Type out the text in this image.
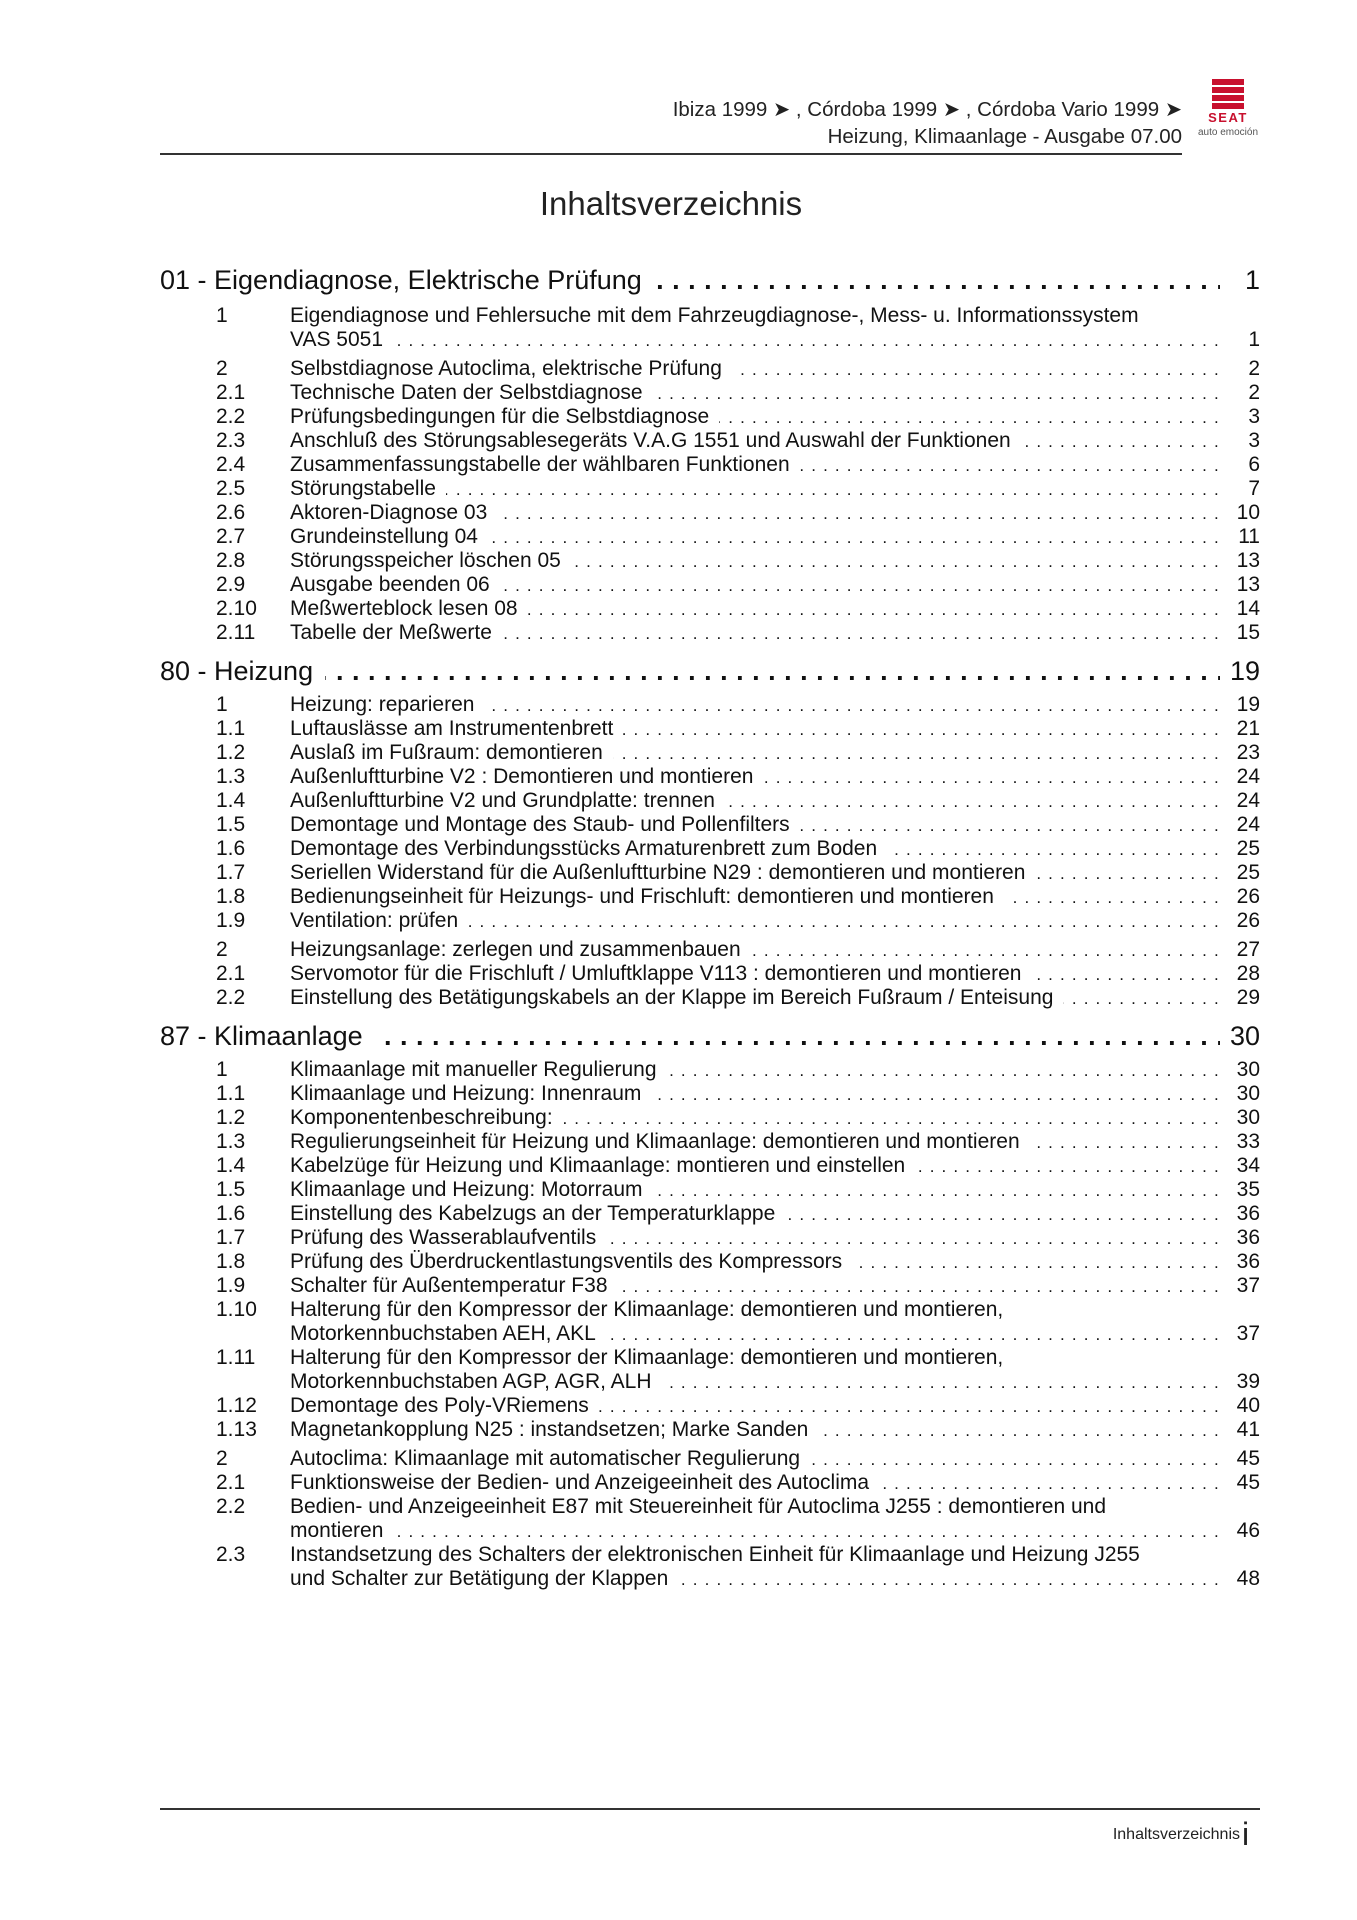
Ibiza 1999 ➤ , Córdoba 1999 ➤ , Córdoba Vario 1999 ➤
Heizung, Klimaanlage - Ausgabe 07.00
SEAT
auto emoción
Inhaltsverzeichnis
. . .
01 - Eigendiagnose, Elektrische Prüfung	1
1	Eigendiagnose und Fehlersuche mit dem Fahrzeugdiagnose-, Mess- u. Informationssystem
VAS 5051 . . .	1
2	Selbstdiagnose Autoclima, elektrische Prüfung . . .	2
2.1 Technische Daten der Selbstdiagnose . . .	2
2.2 Prüfungsbedingungen für die Selbstdiagnose . . .	3
2.3 Anschluß des Störungsablesegeräts V.A.G 1551 und Auswahl der Funktionen . . .	3
2.4 Zusammenfassungstabelle der wählbaren Funktionen . . .	6
2.5 Störungstabelle . . .	7
2.6 Aktoren-Diagnose 03 . . .	10
2.7 Grundeinstellung 04 . . .	11
2.8 Störungsspeicher löschen 05 . . .	13
2.9 Ausgabe beenden 06 . . .	13
2.10 Meßwerteblock lesen 08 . . .	14
2.11 Tabelle der Meßwerte . . .	15
. . .
80 - Heizung	19
1	Heizung: reparieren . . .	19
1.1 Luftauslässe am Instrumentenbrett . . .	21
1.2 Auslaß im Fußraum: demontieren . . .	23
1.3 Außenluftturbine V2 : Demontieren und montieren . . .	24
1.4 Außenluftturbine V2 und Grundplatte: trennen . . .	24
1.5 Demontage und Montage des Staub- und Pollenfilters . . .	24
1.6 Demontage des Verbindungsstücks Armaturenbrett zum Boden . . .	25
1.7 Seriellen Widerstand für die Außenluftturbine N29 : demontieren und montieren . . .	25
1.8 Bedienungseinheit für Heizungs- und Frischluft: demontieren und montieren . . .	26
1.9 Ventilation: prüfen . . .	26
2	Heizungsanlage: zerlegen und zusammenbauen . . .	27
2.1 Servomotor für die Frischluft / Umluftklappe V113 : demontieren und montieren . . .	28
2.2 Einstellung des Betätigungskabels an der Klappe im Bereich Fußraum / Enteisung . . .	29
. . .
87 - Klimaanlage	30
1	Klimaanlage mit manueller Regulierung . . .	30
1.1 Klimaanlage und Heizung: Innenraum . . .	30
1.2 Komponentenbeschreibung: . . .	30
1.3 Regulierungseinheit für Heizung und Klimaanlage: demontieren und montieren . . .	33
1.4 Kabelzüge für Heizung und Klimaanlage: montieren und einstellen . . .	34
1.5 Klimaanlage und Heizung: Motorraum . . .	35
1.6 Einstellung des Kabelzugs an der Temperaturklappe . . .	36
1.7 Prüfung des Wasserablaufventils . . .	36
1.8 Prüfung des Überdruckentlastungsventils des Kompressors . . .	36
1.9 Schalter für Außentemperatur F38 . . .	37
1.10 Halterung für den Kompressor der Klimaanlage: demontieren und montieren,
Motorkennbuchstaben AEH, AKL . . .	37
1.11 Halterung für den Kompressor der Klimaanlage: demontieren und montieren,
Motorkennbuchstaben AGP, AGR, ALH . . .	39
1.12 Demontage des Poly-VRiemens . . .	40
1.13 Magnetankopplung N25 : instandsetzen; Marke Sanden . . .	41
2	Autoclima: Klimaanlage mit automatischer Regulierung . . .	45
2.1 Funktionsweise der Bedien- und Anzeigeeinheit des Autoclima . . .	45
2.2 Bedien- und Anzeigeeinheit E87 mit Steuereinheit für Autoclima J255 : demontieren und
montieren . . .	46
2.3 Instandsetzung des Schalters der elektronischen Einheit für Klimaanlage und Heizung J255
und Schalter zur Betätigung der Klappen . . .	48
Inhaltsverzeichnis i
